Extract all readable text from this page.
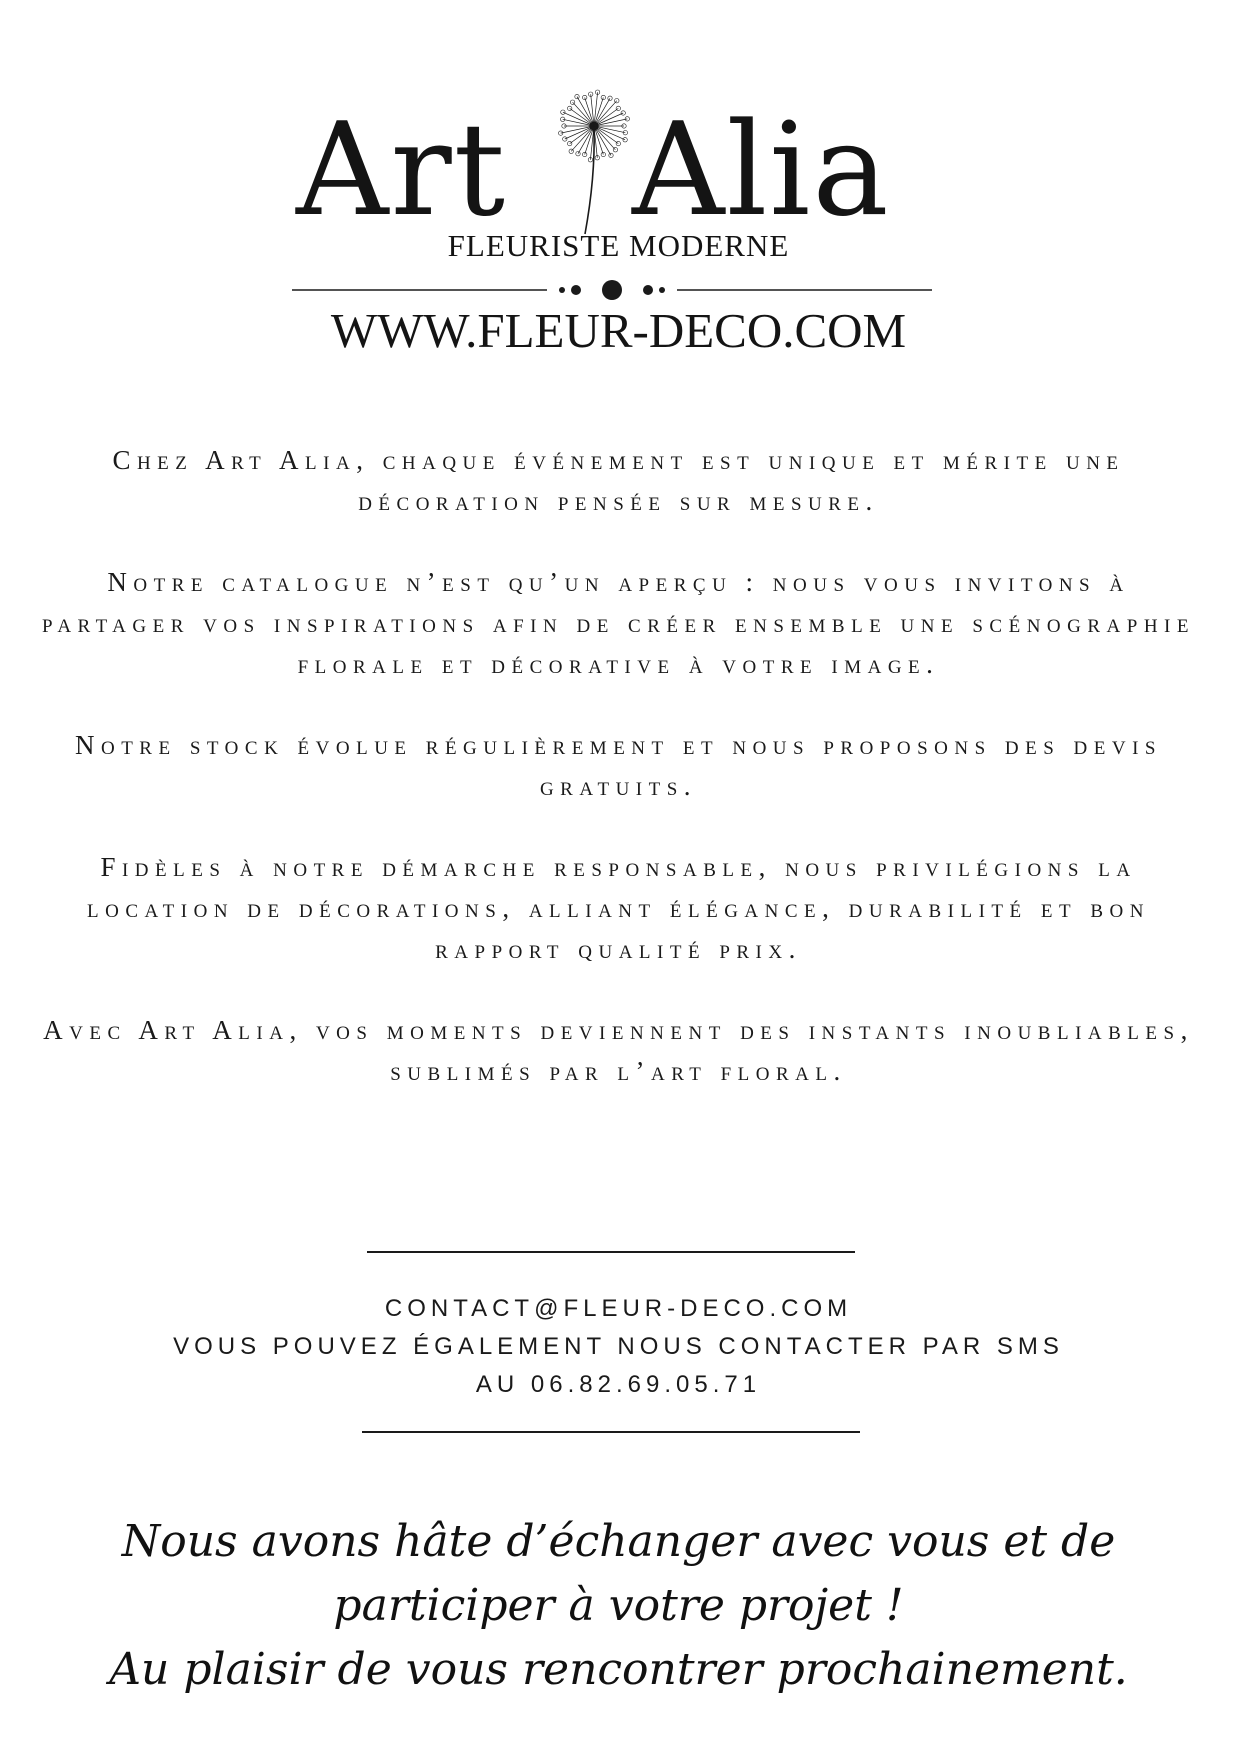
Art Alia
FLEURISTE MODERNE
WWW.FLEUR-DECO.COM

Chez Art Alia, chaque événement est unique et mérite une décoration pensée sur mesure.

Notre catalogue n’est qu’un aperçu : nous vous invitons à partager vos inspirations afin de créer ensemble une scénographie florale et décorative à votre image.

Notre stock évolue régulièrement et nous proposons des devis gratuits.

Fidèles à notre démarche responsable, nous privilégions la location de décorations, alliant élégance, durabilité et bon rapport qualité prix.

Avec Art Alia, vos moments deviennent des instants inoubliables, sublimés par l’art floral.

CONTACT@FLEUR-DECO.COM
VOUS POUVEZ ÉGALEMENT NOUS CONTACTER PAR SMS
AU 06.82.69.05.71
Nous avons hâte d’échanger avec vous et de
participer à votre projet !
Au plaisir de vous rencontrer prochainement.
